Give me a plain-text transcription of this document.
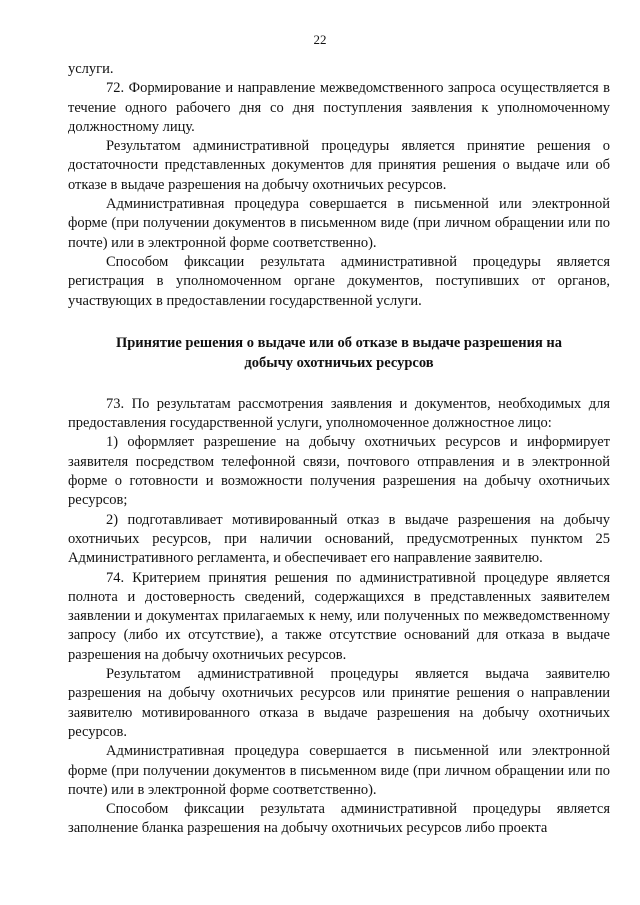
22

услуги.

72. Формирование и направление межведомственного запроса осуществляется в течение одного рабочего дня со дня поступления заявления к уполномоченному должностному лицу.

Результатом административной процедуры является принятие решения о достаточности представленных документов для принятия решения о выдаче или об отказе в выдаче разрешения на добычу охотничьих ресурсов.

Административная процедура совершается в письменной или электронной форме (при получении документов в письменном виде (при личном обращении или по почте) или в электронной форме соответственно).

Способом фиксации результата административной процедуры является регистрация в уполномоченном органе документов, поступивших от органов, участвующих в предоставлении государственной услуги.

Принятие решения о выдаче или об отказе в выдаче разрешения на добычу охотничьих ресурсов

73. По результатам рассмотрения заявления и документов, необходимых для предоставления государственной услуги, уполномоченное должностное лицо:

1) оформляет разрешение на добычу охотничьих ресурсов и информирует заявителя посредством телефонной связи, почтового отправления и в электронной форме о готовности и возможности получения разрешения на добычу охотничьих ресурсов;

2) подготавливает мотивированный отказ в выдаче разрешения на добычу охотничьих ресурсов, при наличии оснований, предусмотренных пунктом 25 Административного регламента, и обеспечивает его направление заявителю.

74. Критерием принятия решения по административной процедуре является полнота и достоверность сведений, содержащихся в представленных заявителем заявлении и документах прилагаемых к нему, или полученных по межведомственному запросу (либо их отсутствие), а также отсутствие оснований для отказа в выдаче разрешения на добычу охотничьих ресурсов.

Результатом административной процедуры является выдача заявителю разрешения на добычу охотничьих ресурсов или принятие решения о направлении заявителю мотивированного отказа в выдаче разрешения на добычу охотничьих ресурсов.

Административная процедура совершается в письменной или электронной форме (при получении документов в письменном виде (при личном обращении или по почте) или в электронной форме соответственно).

Способом фиксации результата административной процедуры является заполнение бланка разрешения на добычу охотничьих ресурсов либо проекта
